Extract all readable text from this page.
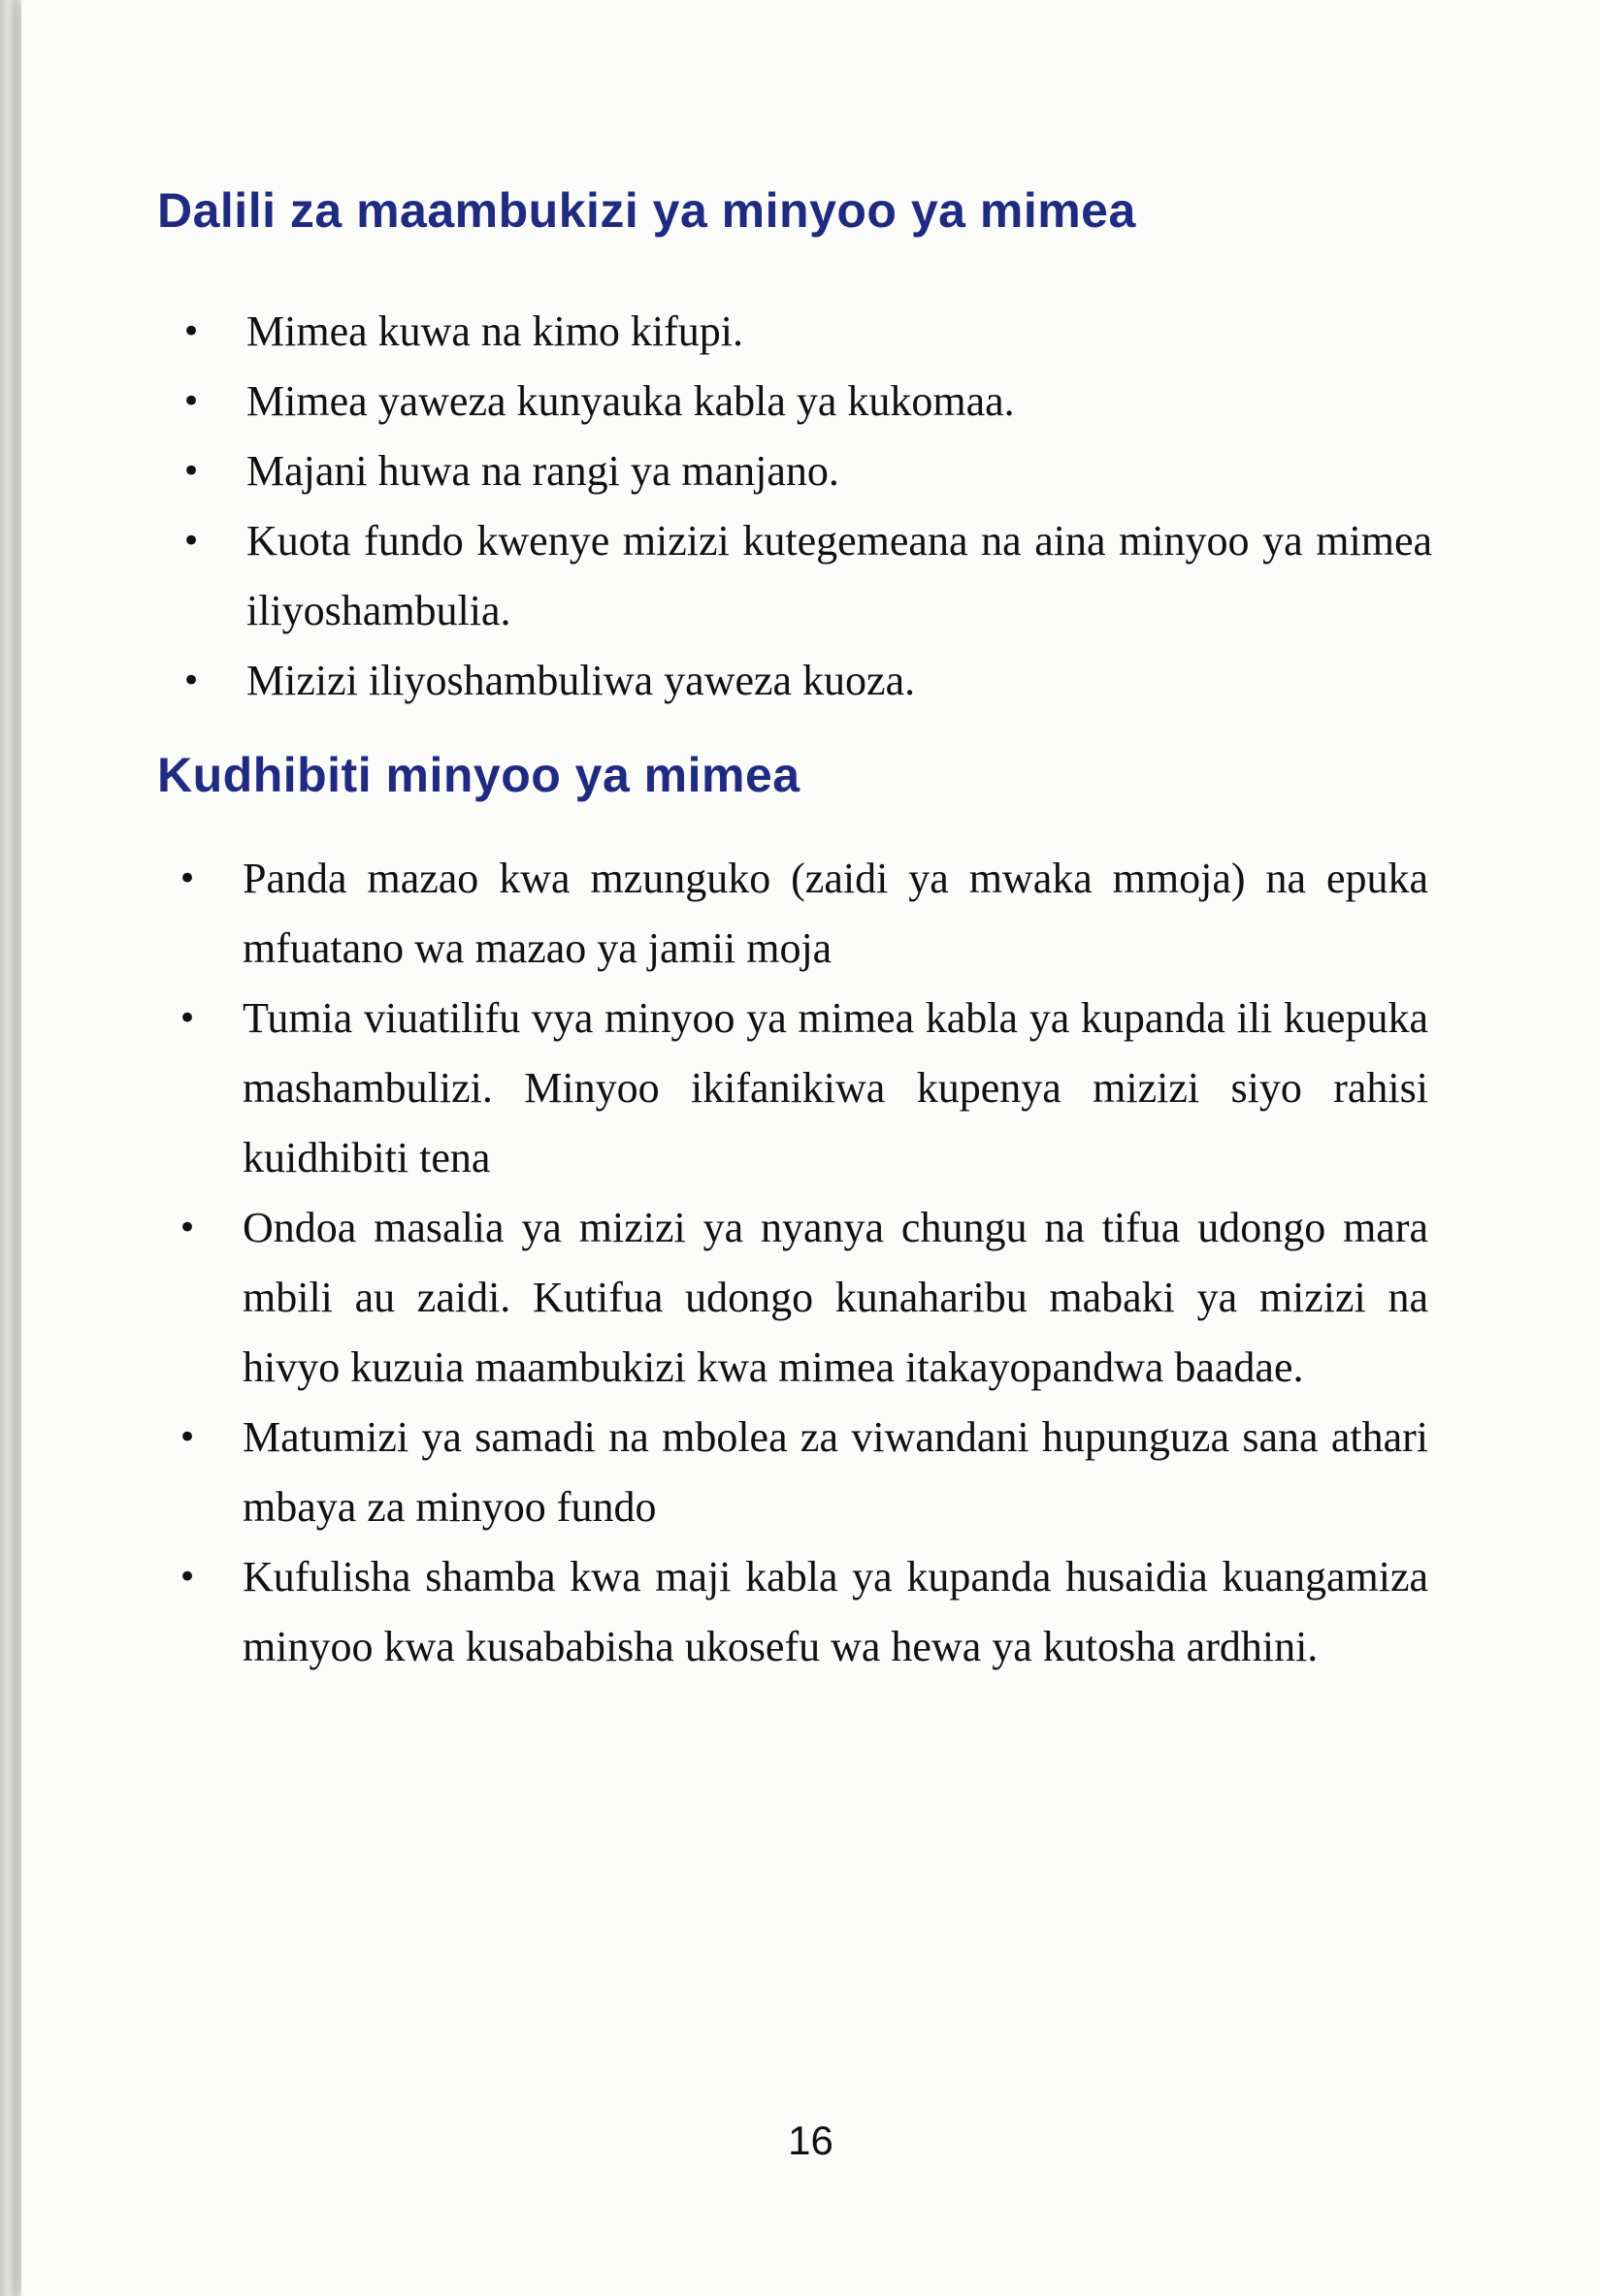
Dalili za maambukizi ya minyoo ya mimea
• Mimea kuwa na kimo kifupi.
• Mimea yaweza kunyauka kabla ya kukomaa.
• Majani huwa na rangi ya manjano.
• Kuota fundo kwenye mizizi kutegemeana na aina minyoo ya mimea iliyoshambulia.
• Mizizi iliyoshambuliwa yaweza kuoza.
Kudhibiti minyoo ya mimea
• Panda mazao kwa mzunguko (zaidi ya mwaka mmoja) na epuka mfuatano wa mazao ya jamii moja
• Tumia viuatilifu vya minyoo ya mimea kabla ya kupanda ili kuepuka mashambulizi. Minyoo ikifanikiwa kupenya mizizi siyo rahisi kuidhibiti tena
• Ondoa masalia ya mizizi ya nyanya chungu na tifua udongo mara mbili au zaidi. Kutifua udongo kunaharibu mabaki ya mizizi na hivyo kuzuia maambukizi kwa mimea itakayopandwa baadae.
• Matumizi ya samadi na mbolea za viwandani hupunguza sana athari mbaya za minyoo fundo
• Kufulisha shamba kwa maji kabla ya kupanda husaidia kuangamiza minyoo kwa kusababisha ukosefu wa hewa ya kutosha ardhini.

16
